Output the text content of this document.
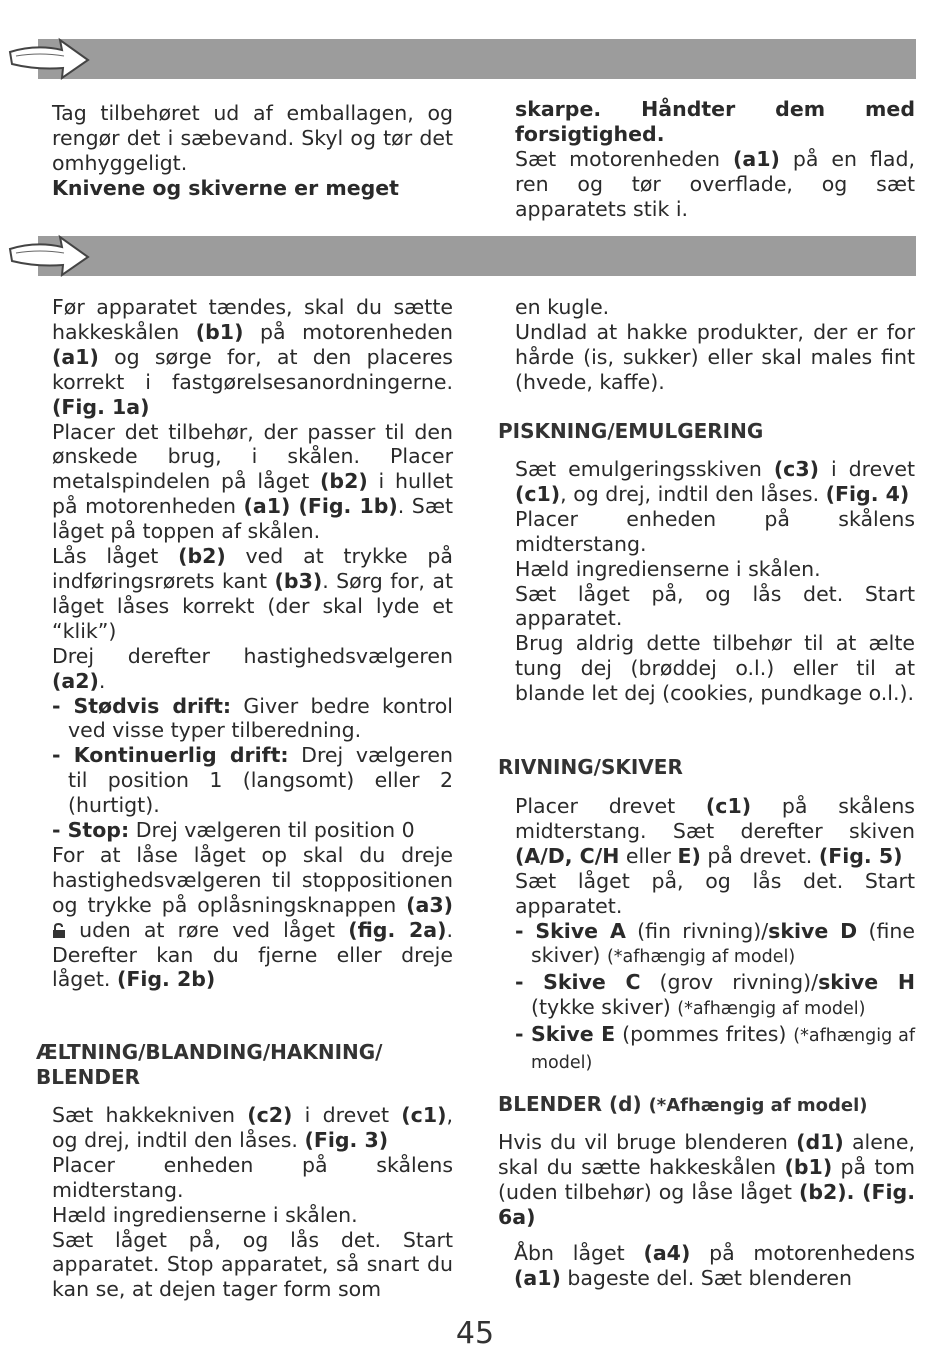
Tag tilbehøret ud af emballagen, og rengør det i sæbevand. Skyl og tør det omhyggeligt.

Knivene og skiverne er meget

skarpe. Håndter dem med forsigtighed.

Sæt motorenheden (a1) på en flad, ren og tør overflade, og sæt apparatets stik i.

Før apparatet tændes, skal du sætte hakkeskålen (b1) på motorenheden (a1) og sørge for, at den placeres korrekt i fastgørelsesanordningerne. (Fig. 1a)

Placer det tilbehør, der passer til den ønskede brug, i skålen. Placer metalspindelen på låget (b2) i hullet på motorenheden (a1) (Fig. 1b). Sæt låget på toppen af skålen.

Lås låget (b2) ved at trykke på indføringsrørets kant (b3). Sørg for, at låget låses korrekt (der skal lyde et “klik”)

Drej derefter hastighedsvælgeren (a2).

- Stødvis drift: Giver bedre kontrol ved visse typer tilberedning.

- Kontinuerlig drift: Drej vælgeren til position 1 (langsomt) eller 2 (hurtigt).

- Stop: Drej vælgeren til position 0

For at låse låget op skal du dreje hastighedsvælgeren til stoppositionen og trykke på oplåsningsknappen (a3)  uden at røre ved låget (fig. 2a). Derefter kan du fjerne eller dreje låget. (Fig. 2b)

ÆLTNING/BLANDING/HAKNING/ BLENDER

Sæt hakkekniven (c2) i drevet (c1), og drej, indtil den låses. (Fig. 3)

Placer enheden på skålens midterstang.

Hæld ingredienserne i skålen.

Sæt låget på, og lås det. Start apparatet. Stop apparatet, så snart du kan se, at dejen tager form som

en kugle.

Undlad at hakke produkter, der er for hårde (is, sukker) eller skal males fint (hvede, kaffe).

PISKNING/EMULGERING

Sæt emulgeringsskiven (c3) i drevet (c1), og drej, indtil den låses. (Fig. 4)

Placer enheden på skålens midterstang.

Hæld ingredienserne i skålen.

Sæt låget på, og lås det. Start apparatet.

Brug aldrig dette tilbehør til at ælte tung dej (brøddej o.l.) eller til at blande let dej (cookies, pundkage o.l.).

RIVNING/SKIVER

Placer drevet (c1) på skålens midterstang. Sæt derefter skiven (A/D, C/H eller E) på drevet. (Fig. 5)

Sæt låget på, og lås det. Start apparatet.

- Skive A (fin rivning)/skive D (fine skiver) (*afhængig af model)

- Skive C (grov rivning)/skive H (tykke skiver) (*afhængig af model)

- Skive E (pommes frites) (*afhængig af model)

BLENDER (d) (*Afhængig af model)

Hvis du vil bruge blenderen (d1) alene, skal du sætte hakkeskålen (b1) på tom (uden tilbehør) og låse låget (b2). (Fig. 6a)

Åbn låget (a4) på motorenhedens (a1) bageste del. Sæt blenderen

45
